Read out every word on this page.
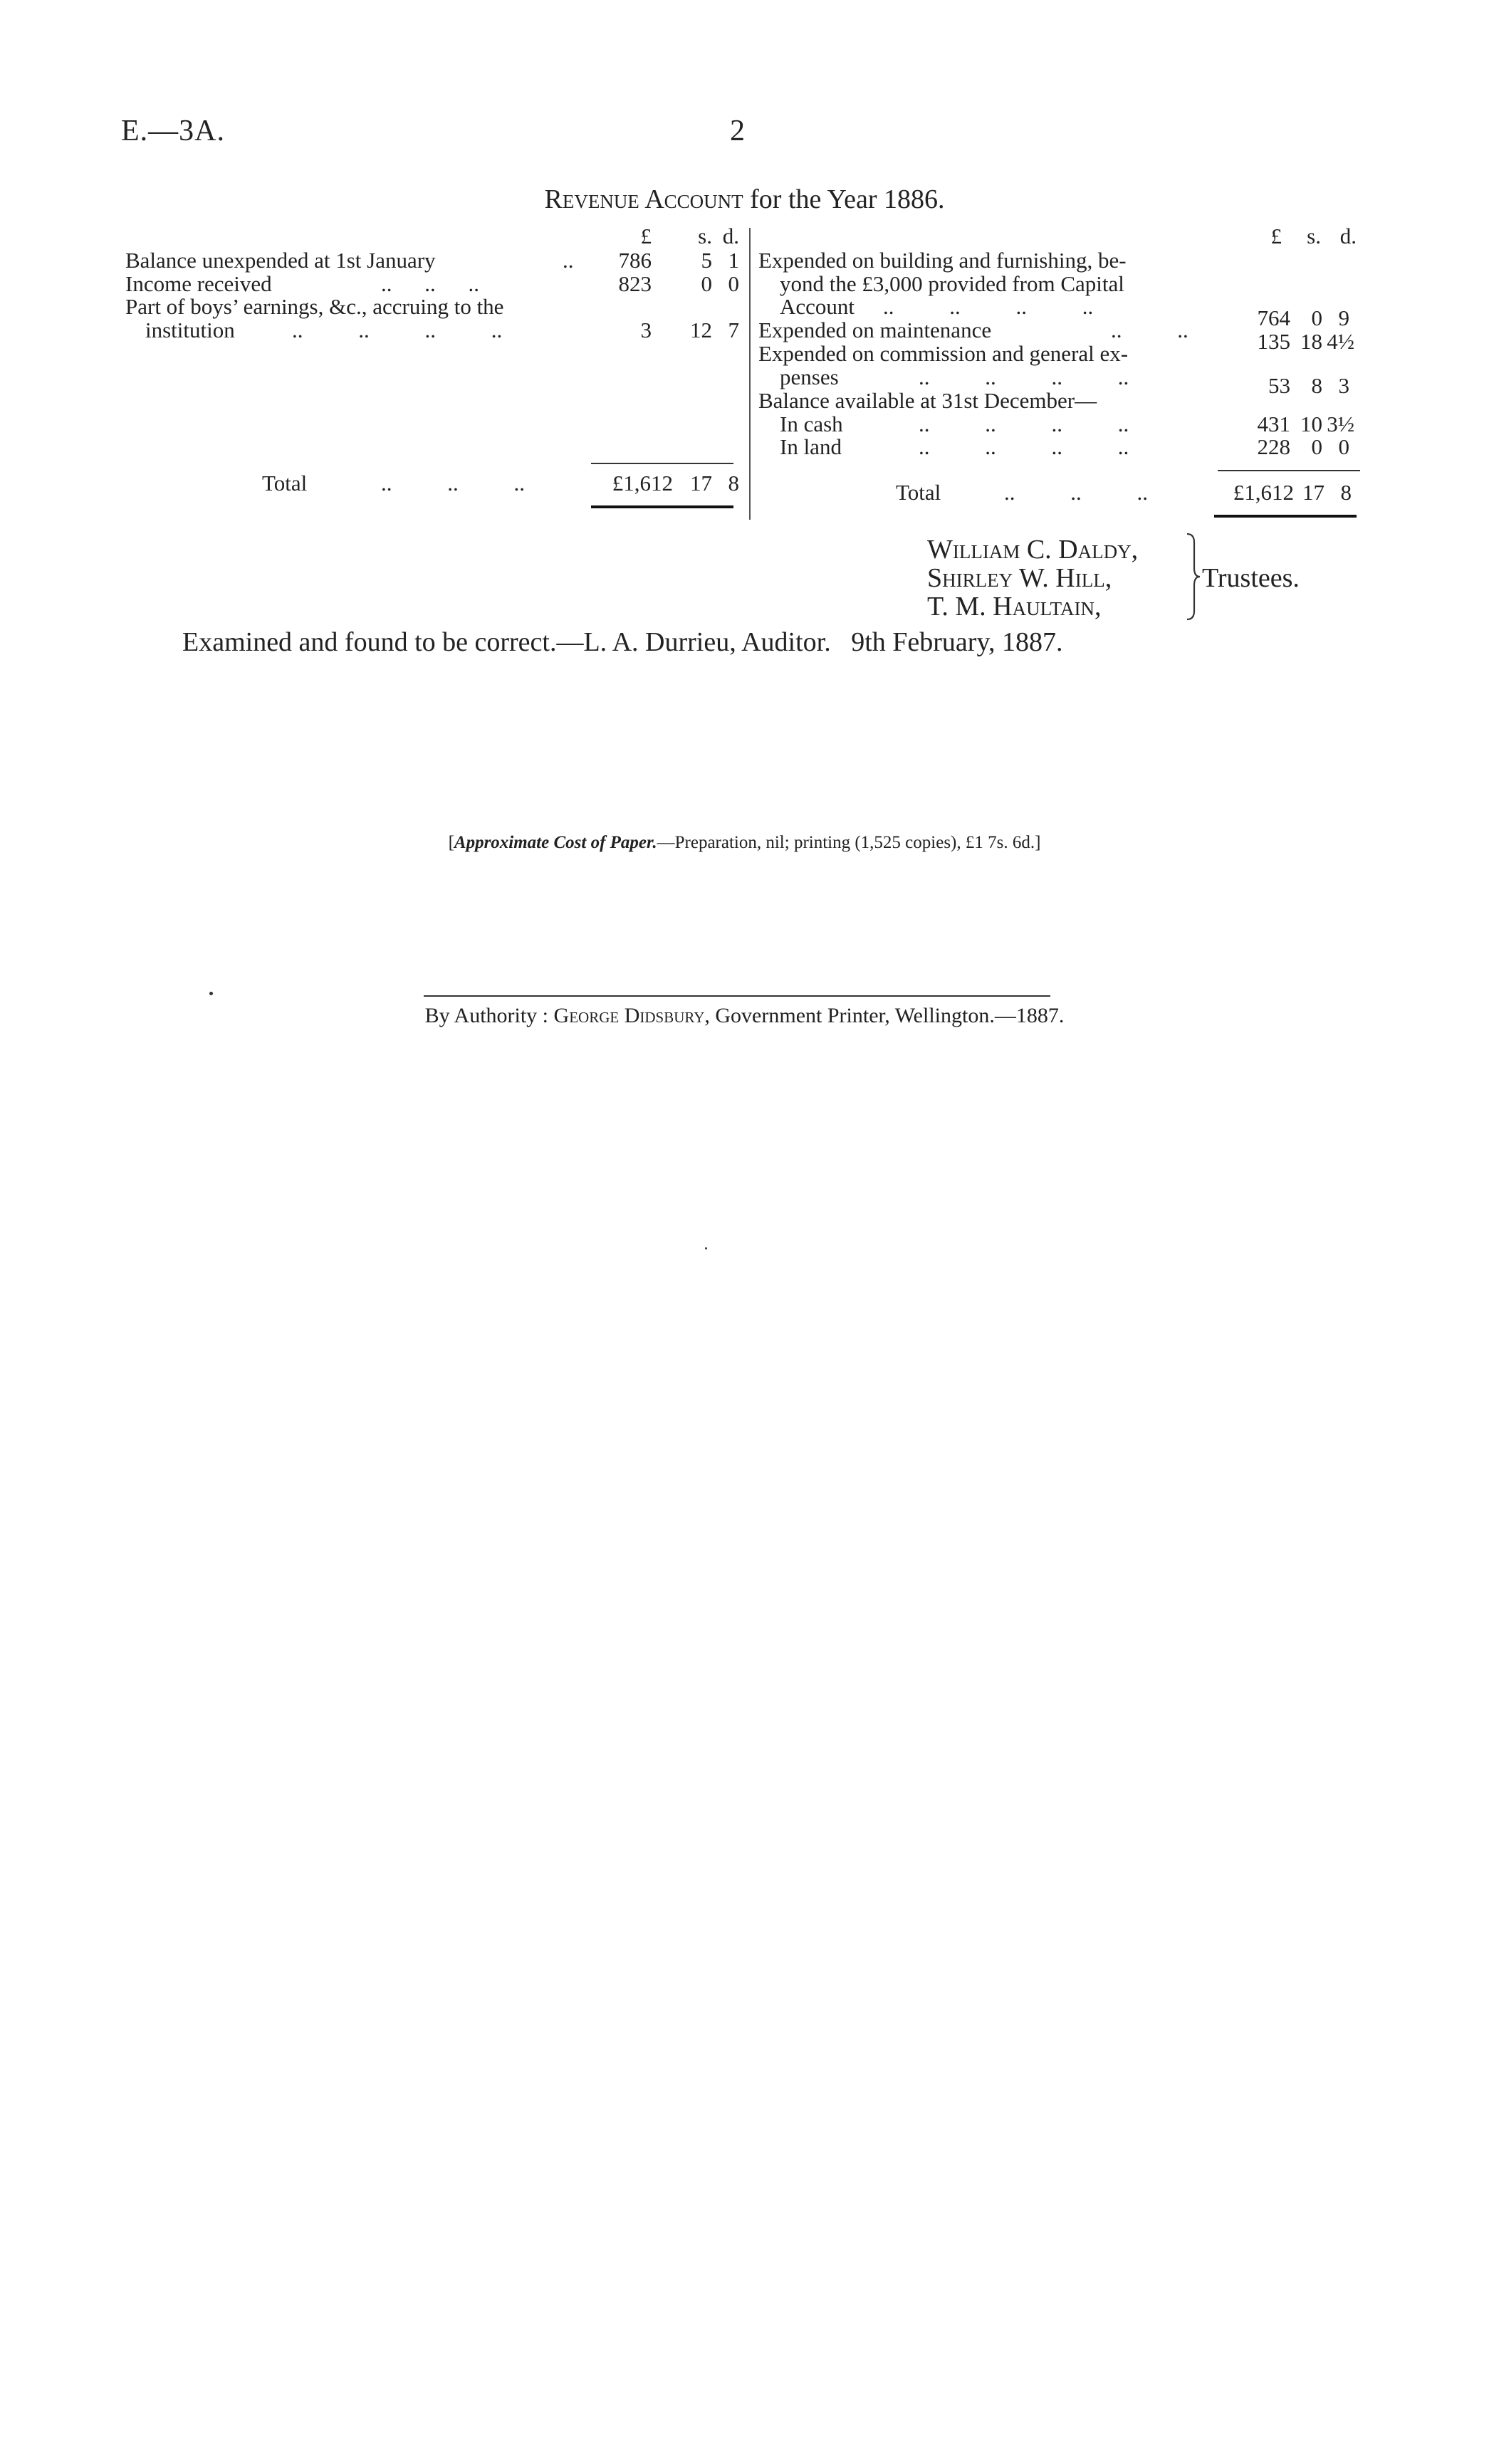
E.—3A.	2
Revenue Account for the Year 1886.
£	s. d.
Balance unexpended at 1st January	..	786	5 1
Income received	.. .. ..	823	0 0
Part of boys’ earnings, &c., accruing to the
institution	.. .. .. ..	3	12 7
Total	.. .. ..	£1,612 17 8
£	s. d.
Expended on building and furnishing, be-
yond the £3,000 provided from Capital
Account .. .. .. ..	764 0 9
Expended on maintenance	.. ..	135 18 4½
Expended on commission and general ex-
penses	.. .. .. ..	53 8 3
Balance available at 31st December—
In cash	.. .. .. ..	431 10 3½
In land	.. .. .. ..	228 0 0
Total	.. .. ..	£1,612 17 8
William C. Daldy,
Shirley W. Hill,
T. M. Haultain,
Trustees.
Examined and found to be correct.—L. A. Durrieu, Auditor.   9th February, 1887.
[Approximate Cost of Paper.—Preparation, nil; printing (1,525 copies), £1 7s. 6d.]
By Authority : George Didsbury, Government Printer, Wellington.—1887.
